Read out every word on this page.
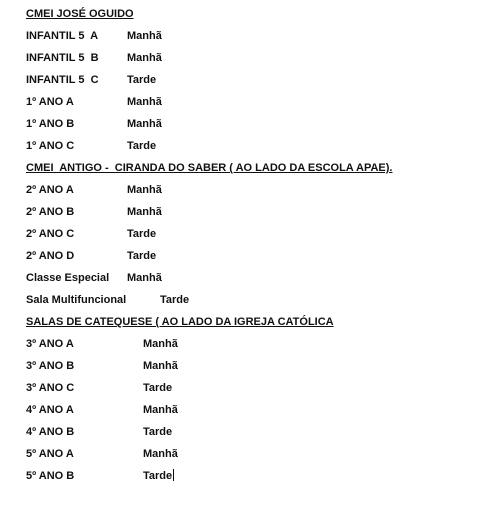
CMEI JOSÉ OGUIDO
INFANTIL 5  A	Manhã
INFANTIL 5  B	Manhã
INFANTIL 5  C	Tarde
1º ANO A	Manhã
1º ANO B	Manhã
1º ANO C	Tarde
CMEI  ANTIGO -  CIRANDA DO SABER ( AO LADO DA ESCOLA APAE).
2º ANO A	Manhã
2º ANO B	Manhã
2º ANO C	Tarde
2º ANO D	Tarde
Classe Especial Manhã
Sala Multifuncional	Tarde
SALAS DE CATEQUESE ( AO LADO DA IGREJA CATÓLICA
3º ANO A	Manhã
3º ANO B	Manhã
3º ANO C	Tarde
4º ANO A	Manhã
4º ANO B	Tarde
5º ANO A	Manhã
5º ANO B	Tarde
